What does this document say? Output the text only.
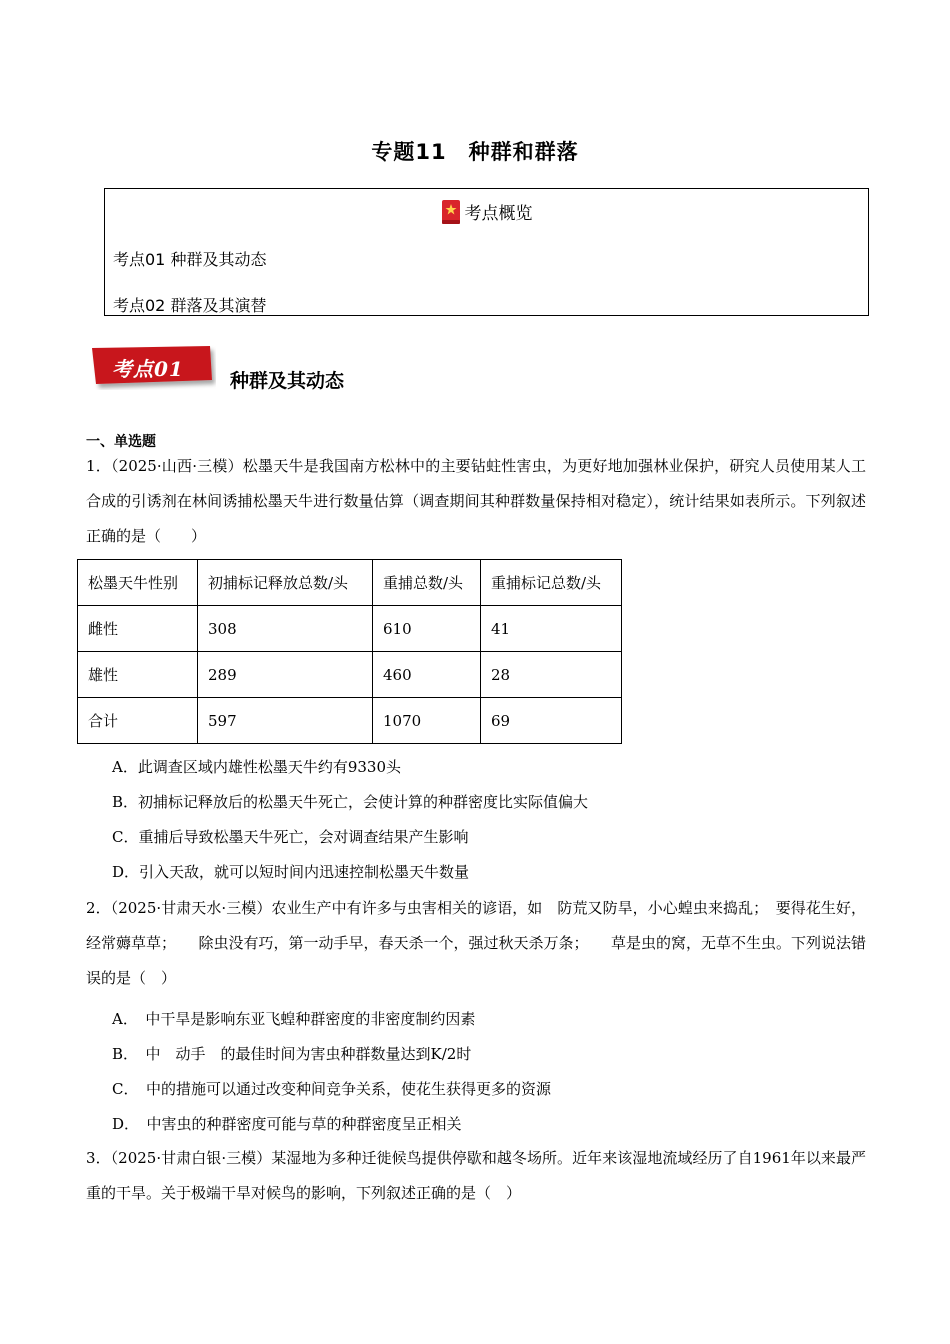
专题11　种群和群落
考点概览
考点01 种群及其动态
考点02 群落及其演替
考点01 种群及其动态
一、单选题
1．（2025·山西·三模）松墨天牛是我国南方松林中的主要钻蛀性害虫，为更好地加强林业保护，研究人员使用某人工合成的引诱剂在林间诱捕松墨天牛进行数量估算（调查期间其种群数量保持相对稳定），统计结果如表所示。下列叙述正确的是（　　）
松墨天牛性别	初捕标记释放总数/头	重捕总数/头	重捕标记总数/头
雌性	308	610	41
雄性	289	460	28
合计	597	1070	69
A．此调查区域内雄性松墨天牛约有9330头
B．初捕标记释放后的松墨天牛死亡，会使计算的种群密度比实际值偏大
C．重捕后导致松墨天牛死亡，会对调查结果产生影响
D．引入天敌，就可以短时间内迅速控制松墨天牛数量
2．（2025·甘肃天水·三模）农业生产中有许多与虫害相关的谚语，如　防荒又防旱，小心蝗虫来捣乱；　要得花生好，经常薅草草；　　除虫没有巧，第一动手早，春天杀一个，强过秋天杀万条；　　草是虫的窝，无草不生虫。下列说法错误的是（　）
A．　中干旱是影响东亚飞蝗种群密度的非密度制约因素
B．　中　动手　的最佳时间为害虫种群数量达到K/2时
C．　中的措施可以通过改变种间竞争关系，使花生获得更多的资源
D．　中害虫的种群密度可能与草的种群密度呈正相关
3．（2025·甘肃白银·三模）某湿地为多种迁徙候鸟提供停歇和越冬场所。近年来该湿地流域经历了自1961年以来最严重的干旱。关于极端干旱对候鸟的影响，下列叙述正确的是（　）
